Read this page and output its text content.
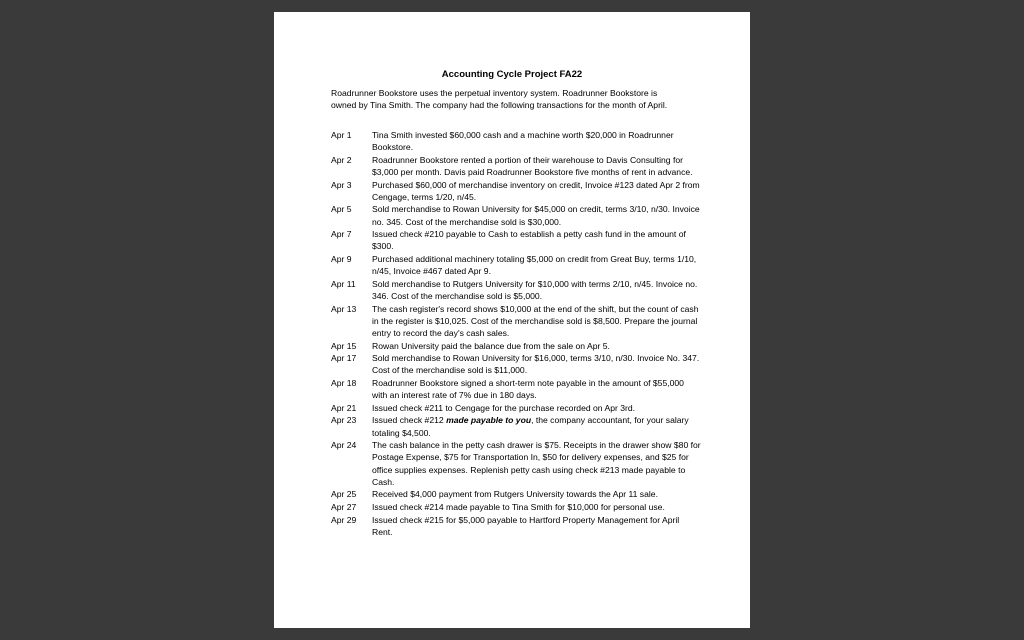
Accounting Cycle Project FA22
Roadrunner Bookstore uses the perpetual inventory system. Roadrunner Bookstore is owned by Tina Smith. The company had the following transactions for the month of April.
Apr 1	Tina Smith invested $60,000 cash and a machine worth $20,000 in Roadrunner Bookstore.
Apr 2	Roadrunner Bookstore rented a portion of their warehouse to Davis Consulting for $3,000 per month. Davis paid Roadrunner Bookstore five months of rent in advance.
Apr 3	Purchased $60,000 of merchandise inventory on credit, Invoice #123 dated Apr 2 from Cengage, terms 1/20, n/45.
Apr 5	Sold merchandise to Rowan University for $45,000 on credit, terms 3/10, n/30. Invoice no. 345. Cost of the merchandise sold is $30,000.
Apr 7	Issued check #210 payable to Cash to establish a petty cash fund in the amount of $300.
Apr 9	Purchased additional machinery totaling $5,000 on credit from Great Buy, terms 1/10, n/45, Invoice #467 dated Apr 9.
Apr 11	Sold merchandise to Rutgers University for $10,000 with terms 2/10, n/45. Invoice no. 346. Cost of the merchandise sold is $5,000.
Apr 13	The cash register's record shows $10,000 at the end of the shift, but the count of cash in the register is $10,025. Cost of the merchandise sold is $8,500. Prepare the journal entry to record the day's cash sales.
Apr 15	Rowan University paid the balance due from the sale on Apr 5.
Apr 17	Sold merchandise to Rowan University for $16,000, terms 3/10, n/30. Invoice No. 347. Cost of the merchandise sold is $11,000.
Apr 18	Roadrunner Bookstore signed a short-term note payable in the amount of $55,000 with an interest rate of 7% due in 180 days.
Apr 21	Issued check #211 to Cengage for the purchase recorded on Apr 3rd.
Apr 23	Issued check #212 made payable to you, the company accountant, for your salary totaling $4,500.
Apr 24	The cash balance in the petty cash drawer is $75. Receipts in the drawer show $80 for Postage Expense, $75 for Transportation In, $50 for delivery expenses, and $25 for office supplies expenses. Replenish petty cash using check #213 made payable to Cash.
Apr 25	Received $4,000 payment from Rutgers University towards the Apr 11 sale.
Apr 27	Issued check #214 made payable to Tina Smith for $10,000 for personal use.
Apr 29	Issued check #215 for $5,000 payable to Hartford Property Management for April Rent.
